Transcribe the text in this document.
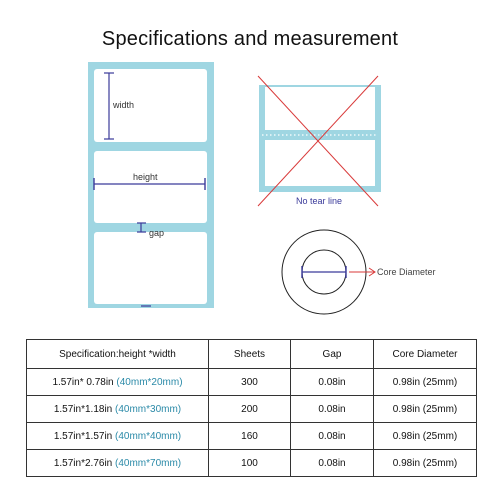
Specifications and measurement
width
height
gap
No tear line
Core Diameter
Specification:height *width	Sheets	Gap	Core Diameter
1.57in* 0.78in (40mm*20mm)	300	0.08in	0.98in (25mm)
1.57in*1.18in (40mm*30mm)	200	0.08in	0.98in (25mm)
1.57in*1.57in (40mm*40mm)	160	0.08in	0.98in (25mm)
1.57in*2.76in (40mm*70mm)	100	0.08in	0.98in (25mm)
